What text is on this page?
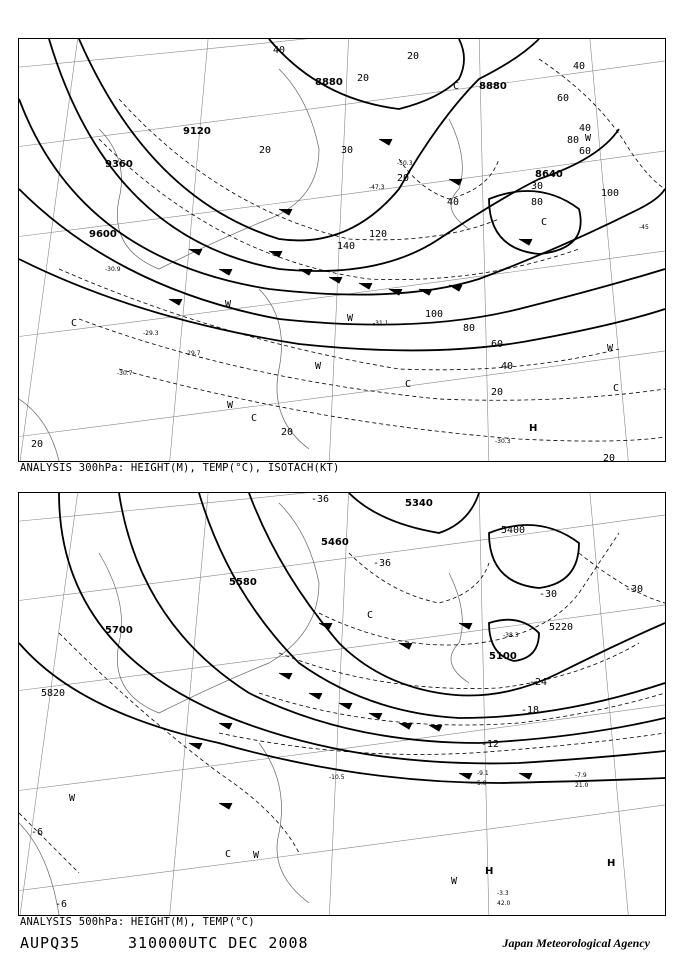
8880	8880
9120
9360
9600
8640
40
20
20
40
30
30
20
40
40	80
60
120
140
100
100
80
60
40
20
20
20
20
60
80
20
-30.9
-29.3
-29.7
-30.7
-30.3
-31.1
-50.3
-47.3
-45
W
W
W
C
C	C
W
W
C
C
H
W
C
ANALYSIS 300hPa: HEIGHT(M), TEMP(°C), ISOTACH(KT)
5340
5460
5580
5700
5820
5100
5220
5400
-36
-36
-30	-30
-24
-18
-12
-6
-6
-38.3
-9.1	-7.9
-3.3
42.0
-10.5
5.0	21.0
H
H
W
W
W
C
C
ANALYSIS 500hPa: HEIGHT(M), TEMP(°C)
AUPQ35	310000UTC DEC 2008	Japan Meteorological Agency
